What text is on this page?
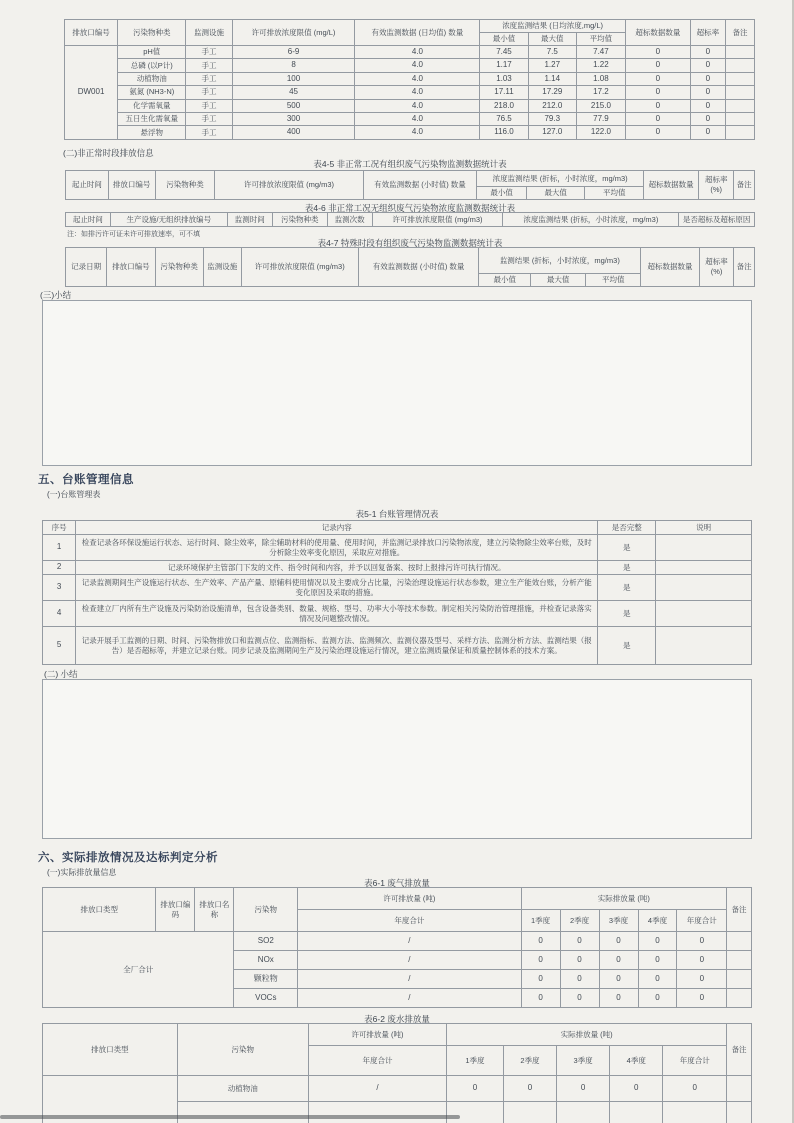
排放口编号	污染物种类	监测设施	许可排放浓度限值 (mg/L)	有效监测数据 (日均值) 数量	浓度监测结果 (日均浓度,mg/L)			超标数据数量	超标率	备注
					最小值	最大值	平均值			
DW001	pH值	手工	6-9	4.0	7.45	7.5	7.47	0	0	
	总磷 (以P计)	手工	8	4.0	1.17	1.27	1.22	0	0	
	动植物油	手工	100	4.0	1.03	1.14	1.08	0	0	
	氨氮 (NH3-N)	手工	45	4.0	17.11	17.29	17.2	0	0	
	化学需氧量	手工	500	4.0	218.0	212.0	215.0	0	0	
	五日生化需氧量	手工	300	4.0	76.5	79.3	77.9	0	0	
	悬浮物	手工	400	4.0	116.0	127.0	122.0	0	0	
(二)非正常时段排放信息
表4-5 非正常工况有组织废气污染物监测数据统计表
起止时间	排放口编号	污染物种类	许可排放浓度限值 (mg/m3)	有效监测数据 (小时值) 数量	浓度监测结果 (折标，小时浓度，mg/m3)			超标数据数量	超标率(%)	备注
					最小值	最大值	平均值			
表4-6 非正常工况无组织废气污染物浓度监测数据统计表
起止时间	生产设施/无组织排放编号	监测时间	污染物种类	监测次数	许可排放浓度限值 (mg/m3)	浓度监测结果 (折标，小时浓度，mg/m3)	是否超标及超标原因
注：如排污许可证未许可排放速率，可不填
表4-7 特殊时段有组织废气污染物监测数据统计表
记录日期	排放口编号	污染物种类	监测设施	许可排放浓度限值 (mg/m3)	有效监测数据 (小时值) 数量	监测结果 (折标，小时浓度，mg/m3)			超标数据数量	超标率 (%)	备注
						最小值	最大值	平均值			
(三)小结
五、台账管理信息
(一)台账管理表
表5-1 台账管理情况表
序号	记录内容	是否完整	说明
1	检查记录各环保设施运行状态、运行时间、除尘效率，除尘辅助材料的使用量、使用时间，并监测记录排放口污染物浓度，建立污染物除尘效率台账，及时分析除尘效率变化原因，采取应对措施。	是	
2	记录环境保护主管部门下发的文件、指令时间和内容，并予以回复备案、按时上报排污许可执行情况。	是	
3	记录监测期间生产设施运行状态、生产效率、产品产量、原辅料使用情况以及主要成分占比量，污染治理设施运行状态参数，建立生产能效台账，分析产能变化原因及采取的措施。	是	
4	检查建立厂内所有生产设施及污染防治设施清单，包含设备类别、数量、规格、型号、功率大小等技术参数。制定相关污染防治管理措施，并检查记录落实情况及问题整改情况。	是	
5	记录开展手工监测的日期、时间、污染物排放口和监测点位、监测指标、监测方法、监测频次、监测仪器及型号、采样方法、监测分析方法、监测结果（报告）是否超标等，并建立记录台账。同步记录及监测期间生产及污染治理设施运行情况，建立监测质量保证和质量控制体系的技术方案。	是	
(二) 小结
六、实际排放情况及达标判定分析
(一)实际排放量信息
表6-1 废气排放量
排放口类型	排放口编码	排放口名称	污染物	许可排放量 (吨)	实际排放量 (吨)					备注
				年度合计	1季度	2季度	3季度	4季度	年度合计	
全厂合计			SO2	/	0	0	0	0	0	
			NOx	/	0	0	0	0	0	
			颗粒物	/	0	0	0	0	0	
			VOCs	/	0	0	0	0	0	
表6-2 废水排放量
排放口类型	污染物	许可排放量 (吨)	实际排放量 (吨)					备注
		年度合计	1季度	2季度	3季度	4季度	年度合计	
	动植物油	/	0	0	0	0	0	
